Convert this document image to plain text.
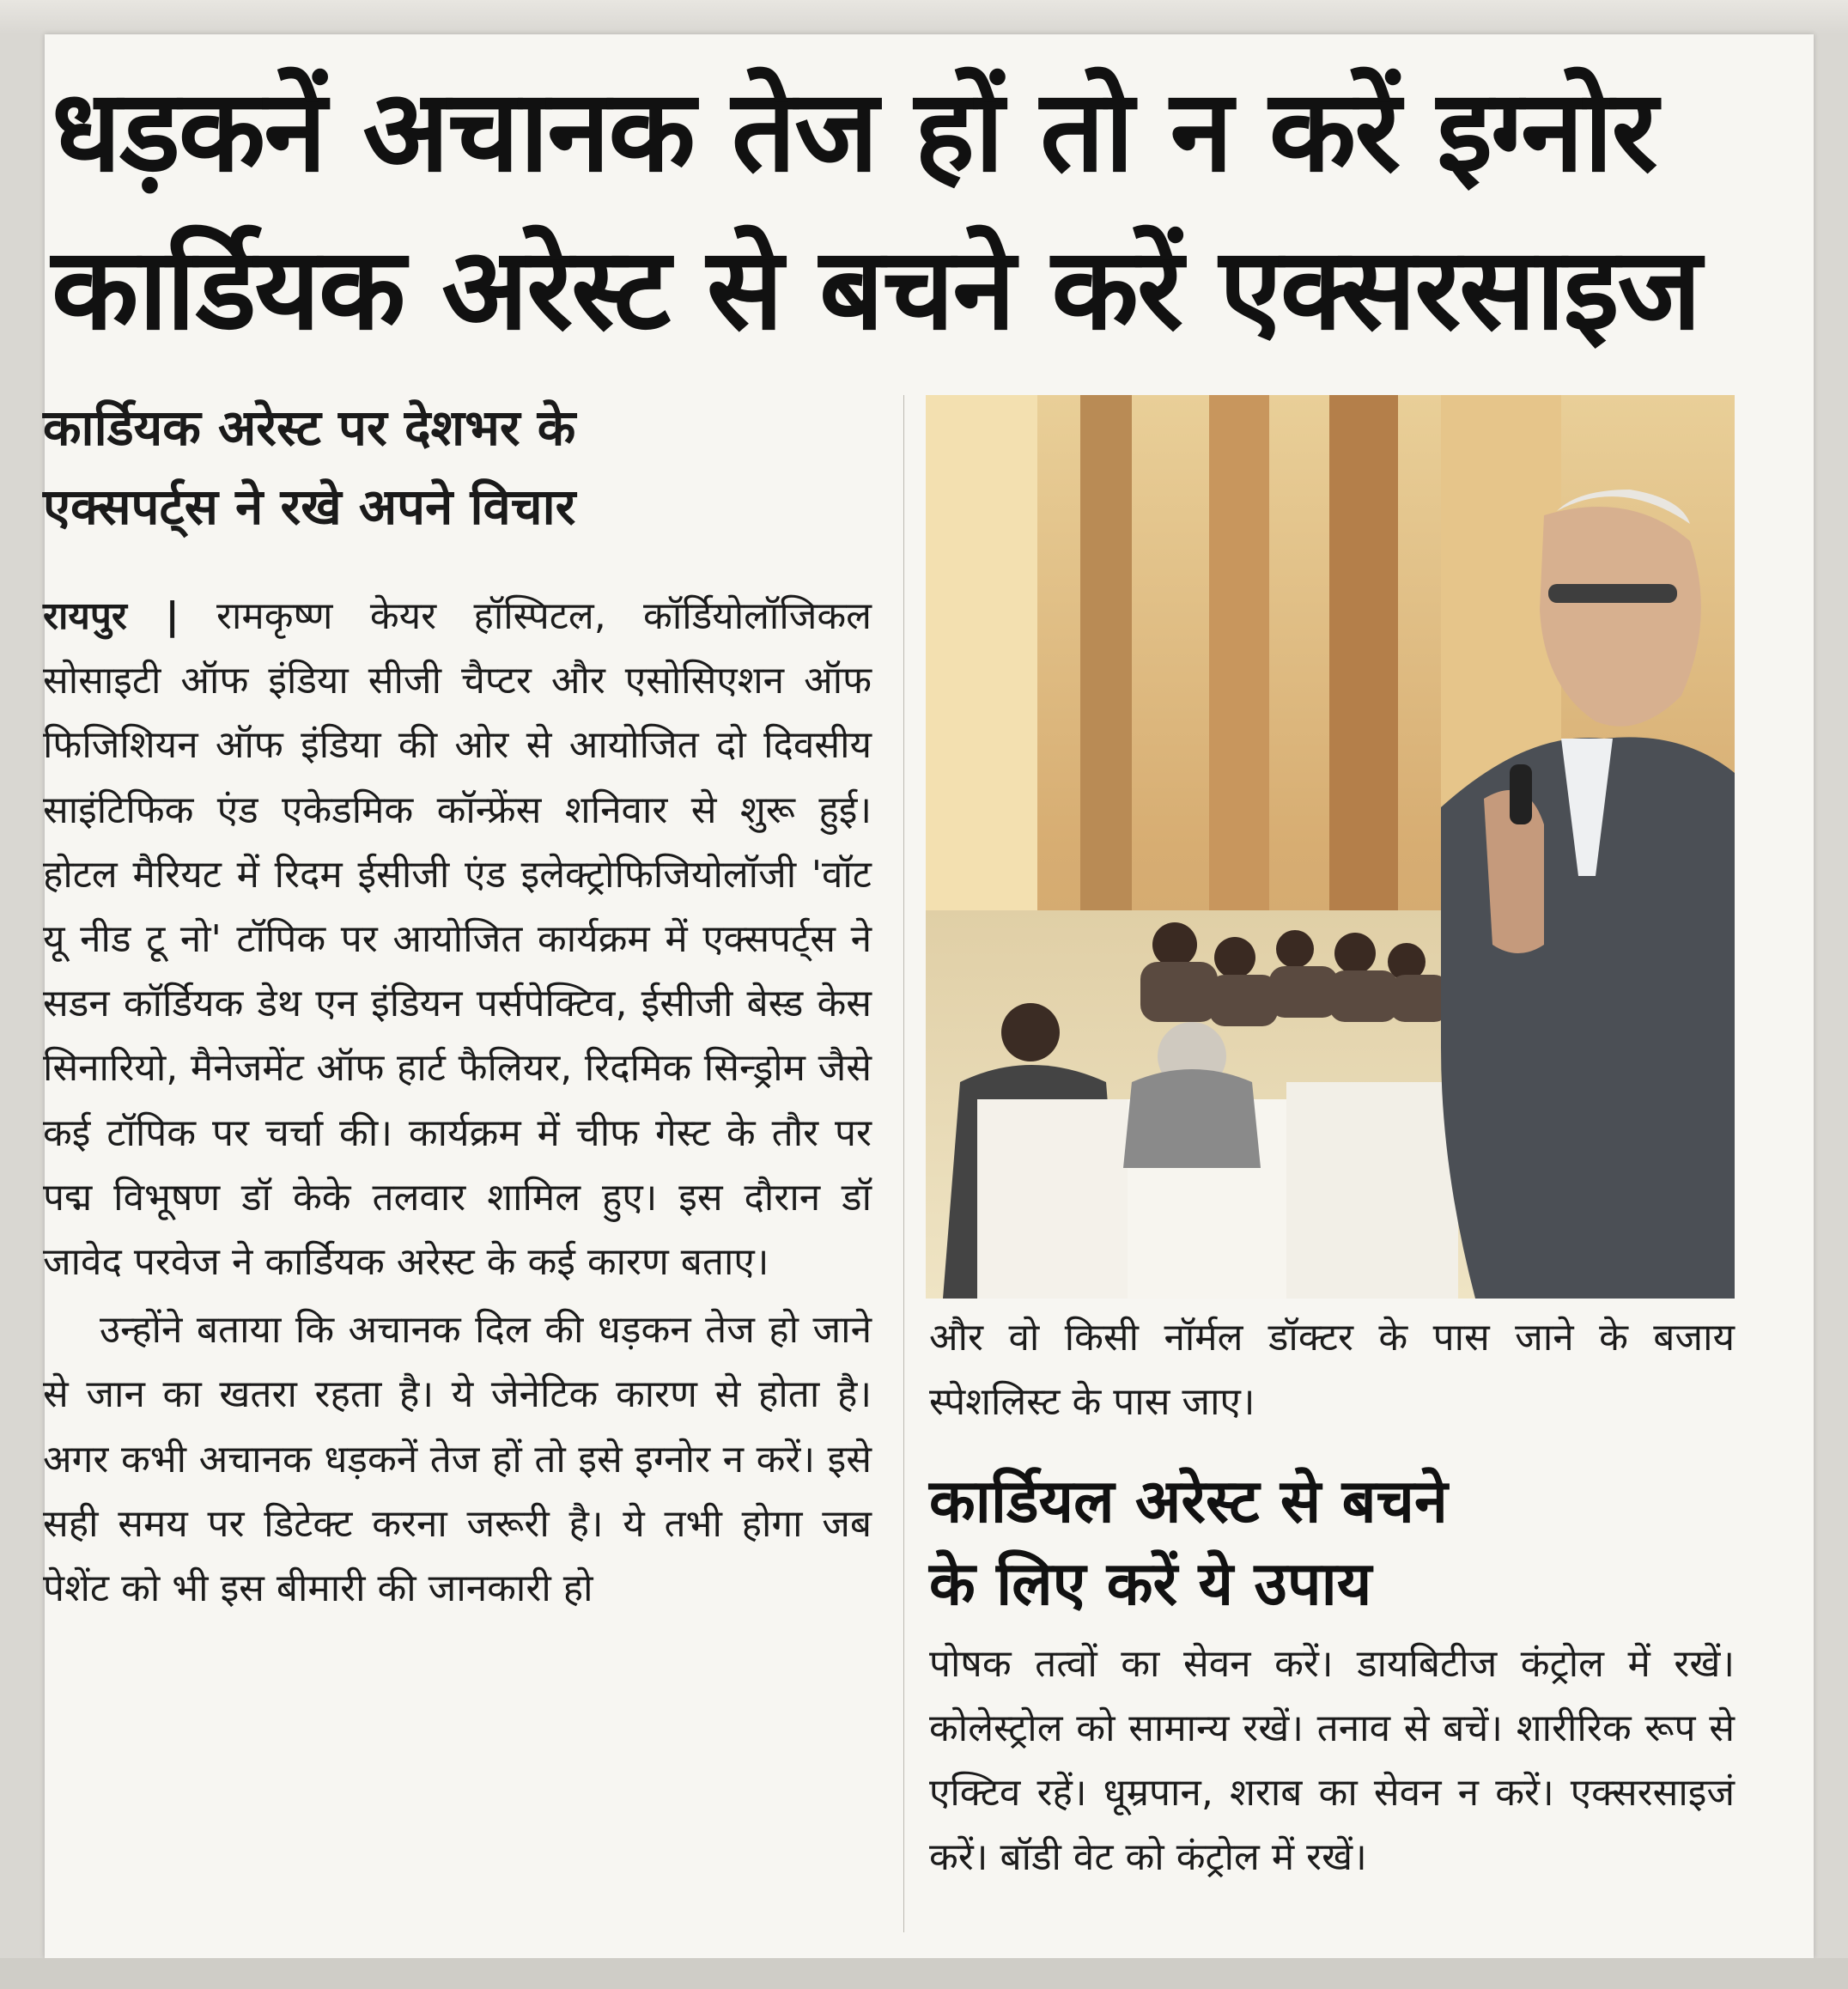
धड़कनें अचानक तेज हों तो न करें इग्नोर
कार्डियक अरेस्ट से बचने करें एक्सरसाइज
कार्डियक अरेस्ट पर देशभर के
एक्सपर्ट्स ने रखे अपने विचार

रायपुर | रामकृष्ण केयर हॉस्पिटल, कॉर्डियोलॉजिकल सोसाइटी ऑफ इंडिया सीजी चैप्टर और एसोसिएशन ऑफ फिजिशियन ऑफ इंडिया की ओर से आयोजित दो दिवसीय साइंटिफिक एंड एकेडमिक कॉन्फ्रेंस शनिवार से शुरू हुई। होटल मैरियट में रिदम ईसीजी एंड इलेक्ट्रोफिजियोलॉजी 'वॉट यू नीड टू नो' टॉपिक पर आयोजित कार्यक्रम में एक्सपर्ट्स ने सडन कॉर्डियक डेथ एन इंडियन पर्सपेक्टिव, ईसीजी बेस्ड केस सिनारियो, मैनेजमेंट ऑफ हार्ट फैलियर, रिदमिक सिन्ड्रोम जैसे कई टॉपिक पर चर्चा की। कार्यक्रम में चीफ गेस्ट के तौर पर पद्म विभूषण डॉ केके तलवार शामिल हुए। इस दौरान डॉ जावेद परवेज ने कार्डियक अरेस्ट के कई कारण बताए।

उन्होंने बताया कि अचानक दिल की धड़कन तेज हो जाने से जान का खतरा रहता है। ये जेनेटिक कारण से होता है। अगर कभी अचानक धड़कनें तेज हों तो इसे इग्नोर न करें। इसे सही समय पर डिटेक्ट करना जरूरी है। ये तभी होगा जब पेशेंट को भी इस बीमारी की जानकारी हो

और वो किसी नॉर्मल डॉक्टर के पास जाने के बजाय स्पेशलिस्ट के पास जाए।

कार्डियल अरेस्ट से बचने
के लिए करें ये उपाय

पोषक तत्वों का सेवन करें। डायबिटीज कंट्रोल में रखें। कोलेस्ट्रोल को सामान्य रखें। तनाव से बचें। शारीरिक रूप से एक्टिव रहें। धूम्रपान, शराब का सेवन न करें। एक्सरसाइजं करें। बॉडी वेट को कंट्रोल में रखें।
